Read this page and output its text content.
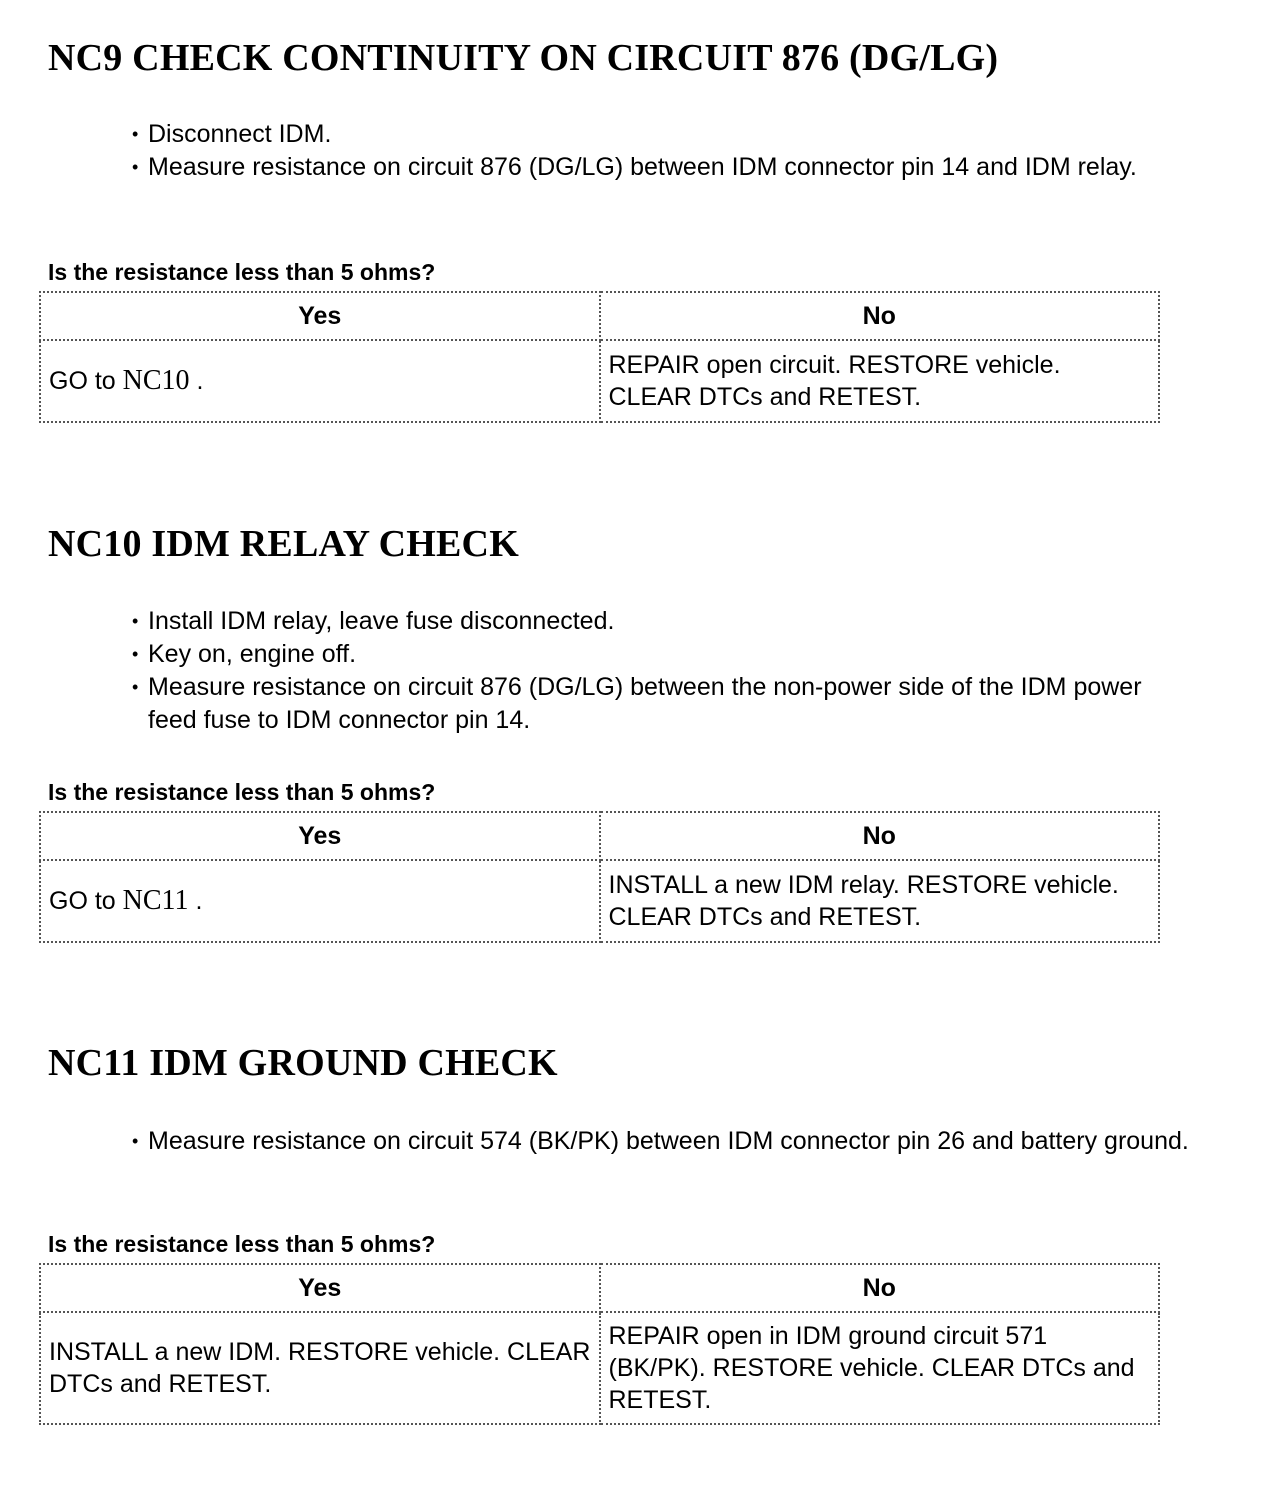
NC9 CHECK CONTINUITY ON CIRCUIT 876 (DG/LG)
• Disconnect IDM.
• Measure resistance on circuit 876 (DG/LG) between IDM connector pin 14 and IDM relay.

Is the resistance less than 5 ohms?

Yes	No
GO to NC10 .	REPAIR open circuit. RESTORE vehicle. CLEAR DTCs and RETEST.
NC10 IDM RELAY CHECK
• Install IDM relay, leave fuse disconnected.
• Key on, engine off.
• Measure resistance on circuit 876 (DG/LG) between the non-power side of the IDM power feed fuse to IDM connector pin 14.

Is the resistance less than 5 ohms?

Yes	No
GO to NC11 .	INSTALL a new IDM relay. RESTORE vehicle. CLEAR DTCs and RETEST.
NC11 IDM GROUND CHECK
• Measure resistance on circuit 574 (BK/PK) between IDM connector pin 26 and battery ground.

Is the resistance less than 5 ohms?

Yes	No
INSTALL a new IDM. RESTORE vehicle. CLEAR DTCs and RETEST.	REPAIR open in IDM ground circuit 571 (BK/PK). RESTORE vehicle. CLEAR DTCs and RETEST.
